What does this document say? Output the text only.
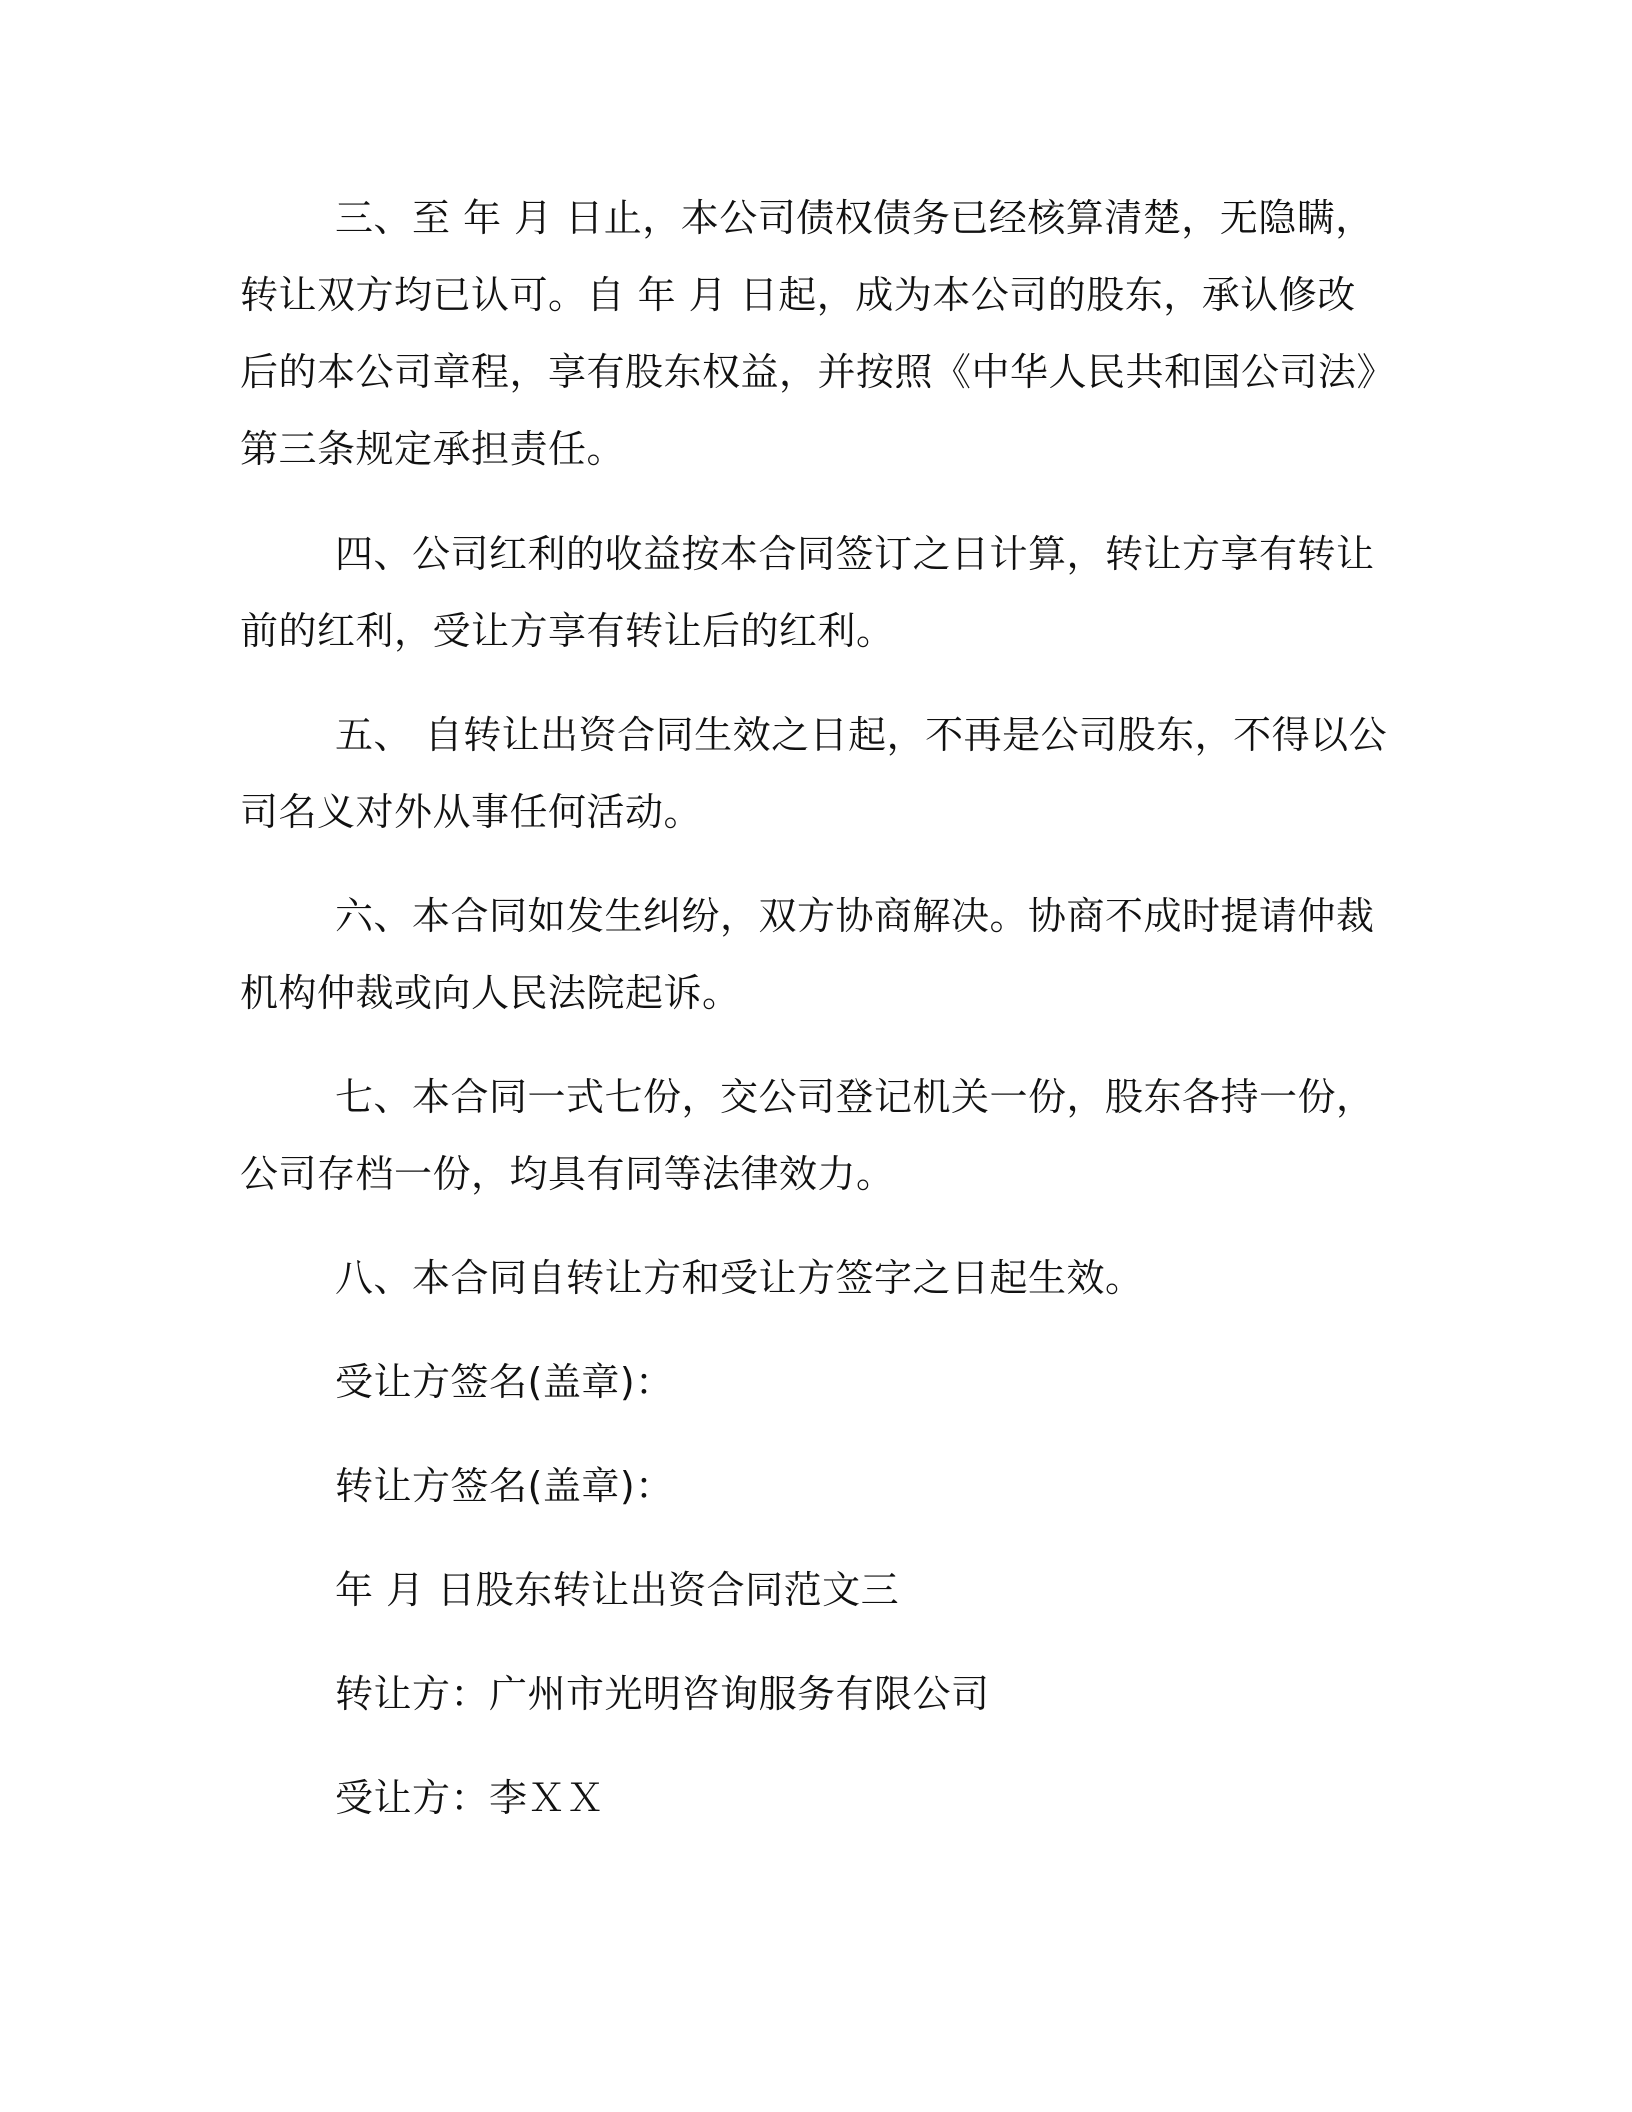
三、至 年 月 日止，本公司债权债务已经核算清楚，无隐瞒，转让双方均已认可。自 年 月 日起，成为本公司的股东，承认修改后的本公司章程，享有股东权益，并按照《中华人民共和国公司法》第三条规定承担责任。

四、公司红利的收益按本合同签订之日计算，转让方享有转让前的红利，受让方享有转让后的红利。

五、 自转让出资合同生效之日起，不再是公司股东，不得以公司名义对外从事任何活动。

六、本合同如发生纠纷，双方协商解决。协商不成时提请仲裁机构仲裁或向人民法院起诉。

七、本合同一式七份，交公司登记机关一份，股东各持一份，公司存档一份，均具有同等法律效力。

八、本合同自转让方和受让方签字之日起生效。

受让方签名(盖章)：

转让方签名(盖章)：

年 月 日股东转让出资合同范文三

转让方：广州市光明咨询服务有限公司

受让方：李ＸＸ
